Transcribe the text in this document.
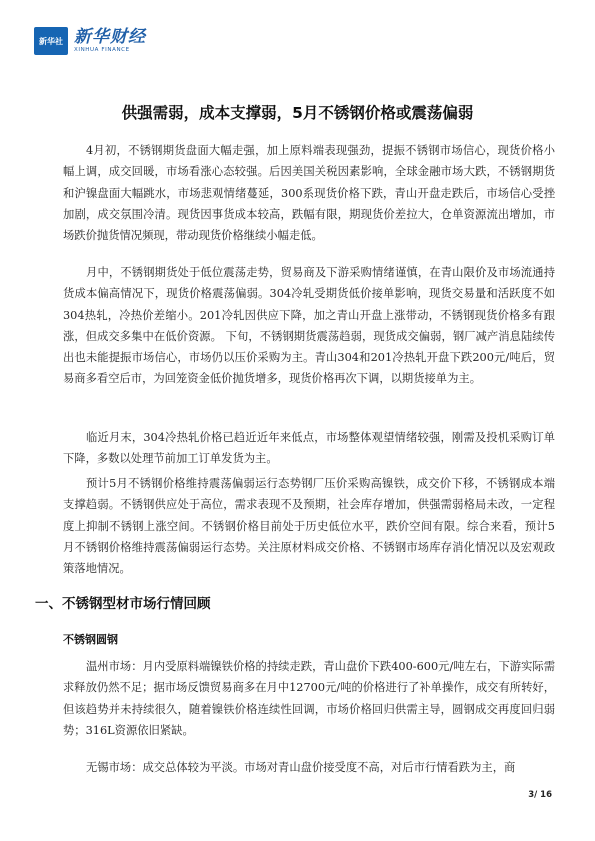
新华社 新华财经
XINHUA FINANCE
供强需弱，成本支撑弱，5月不锈钢价格或震荡偏弱

4月初，不锈钢期货盘面大幅走强，加上原料端表现强劲，提振不锈钢市场信心，现货价格小幅上调，成交回暖，市场看涨心态较强。后因美国关税因素影响，全球金融市场大跌，不锈钢期货和沪镍盘面大幅跳水，市场悲观情绪蔓延，300系现货价格下跌，青山开盘走跌后，市场信心受挫加剧，成交氛围冷清。现货因事货成本较高，跌幅有限，期现货价差拉大，仓单资源流出增加，市场跌价抛货情况频现，带动现货价格继续小幅走低。

月中，不锈钢期货处于低位震荡走势，贸易商及下游采购情绪谨慎，在青山限价及市场流通持货成本偏高情况下，现货价格震荡偏弱。304冷轧受期货低价接单影响，现货交易量和活跃度不如304热轧，冷热价差缩小。201冷轧因供应下降，加之青山开盘上涨带动，不锈钢现货价格多有跟涨，但成交多集中在低价资源。 下旬，不锈钢期货震荡趋弱，现货成交偏弱，钢厂减产消息陆续传出也未能提振市场信心，市场仍以压价采购为主。青山304和201冷热轧开盘下跌200元/吨后，贸易商多看空后市，为回笼资金低价抛货增多，现货价格再次下调，以期货接单为主。

临近月末，304冷热轧价格已趋近近年来低点，市场整体观望情绪较强，刚需及投机采购订单下降，多数以处理节前加工订单发货为主。

预计5月不锈钢价格维持震荡偏弱运行态势钢厂压价采购高镍铁，成交价下移，不锈钢成本端支撑趋弱。不锈钢供应处于高位，需求表现不及预期，社会库存增加，供强需弱格局未改，一定程度上抑制不锈钢上涨空间。不锈钢价格目前处于历史低位水平，跌价空间有限。综合来看，预计5月不锈钢价格维持震荡偏弱运行态势。关注原材料成交价格、不锈钢市场库存消化情况以及宏观政策落地情况。

一、不锈钢型材市场行情回顾
不锈钢圆钢

温州市场：月内受原料端镍铁价格的持续走跌，青山盘价下跌400-600元/吨左右，下游实际需求释放仍然不足；据市场反馈贸易商多在月中12700元/吨的价格进行了补单操作，成交有所转好，但该趋势并未持续很久，随着镍铁价格连续性回调，市场价格回归供需主导，圆钢成交再度回归弱势；316L资源依旧紧缺。

无锡市场：成交总体较为平淡。市场对青山盘价接受度不高，对后市行情看跌为主，商

3/ 16
